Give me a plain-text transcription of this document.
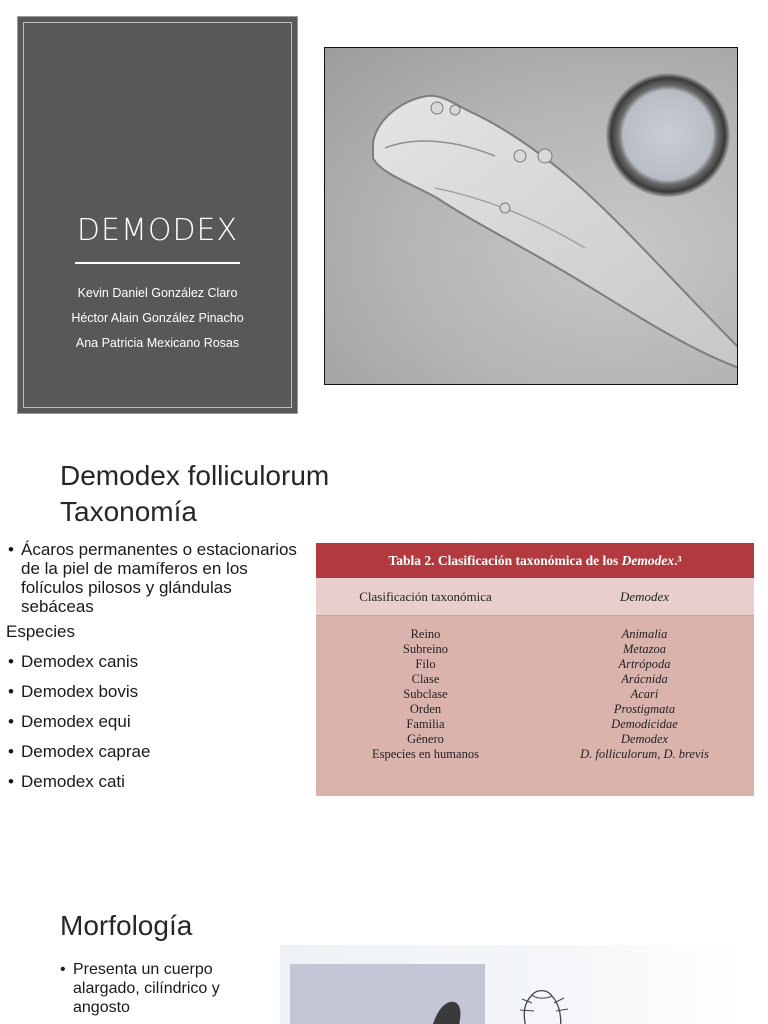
DEMODEX
Kevin Daniel González Claro
Héctor Alain González Pinacho
Ana Patricia Mexicano Rosas
Demodex folliculorum
Taxonomía
• Ácaros permanentes o estacionarios de la piel de mamíferos en los folículos pilosos y glándulas sebáceas
Especies
• Demodex canis
• Demodex bovis
• Demodex equi
• Demodex caprae
• Demodex cati
Tabla 2. Clasificación taxonómica de los Demodex.³
Clasificación taxonómica	Demodex
Reino
Subreino
Filo
Clase
Subclase
Orden
Familia
Género
Especies en humanos
Animalia
Metazoa
Artrópoda
Arácnida
Acari
Prostigmata
Demodicidae
Demodex
D. folliculorum, D. brevis
Morfología
• Presenta un cuerpo alargado, cilíndrico y angosto
